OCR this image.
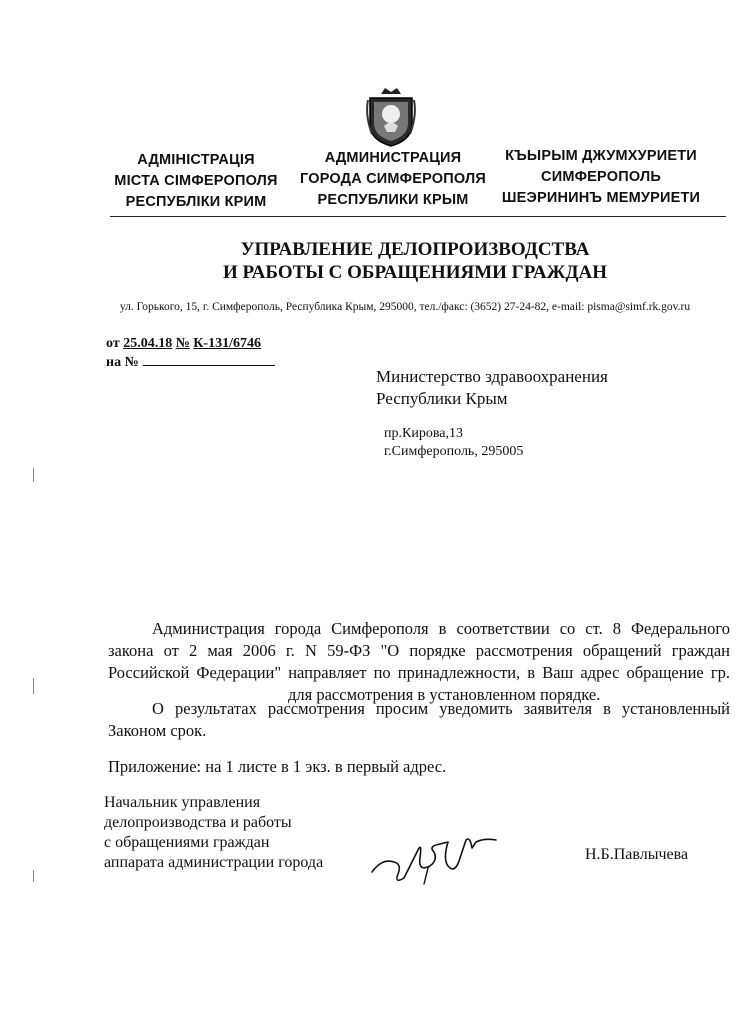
АДМІНІСТРАЦІЯ
МІСТА СІМФЕРОПОЛЯ
РЕСПУБЛІКИ КРИМ
АДМИНИСТРАЦИЯ
ГОРОДА СИМФЕРОПОЛЯ
РЕСПУБЛИКИ КРЫМ
КЪЫРЫМ ДЖУМХУРИЕТИ
СИМФЕРОПОЛЬ
ШЕЭРИНИНЪ МЕМУРИЕТИ
УПРАВЛЕНИЕ ДЕЛОПРОИЗВОДСТВА
И РАБОТЫ С ОБРАЩЕНИЯМИ ГРАЖДАН
ул. Горького, 15, г. Симферополь, Республика Крым, 295000, тел./факс: (3652) 27-24-82, e-mail: pisma@simf.rk.gov.ru
от 25.04.18 № К-131/6746
на №
Министерство здравоохранения
Республики Крым
пр.Кирова,13
г.Симферополь, 295005
Администрация города Симферополя в соответствии со ст. 8 Федерального закона от 2 мая 2006 г. N 59-ФЗ "О порядке рассмотрения обращений граждан Российской Федерации" направляет по принадлежности, в Ваш адрес обращение гр.для рассмотрения в установленном порядке.
О результатах рассмотрения просим уведомить заявителя в установленный Законом срок.
Приложение: на 1 листе в 1 экз. в первый адрес.
Начальник управления
делопроизводства и работы
с обращениями граждан
аппарата администрации города	Н.Б.Павлычева
